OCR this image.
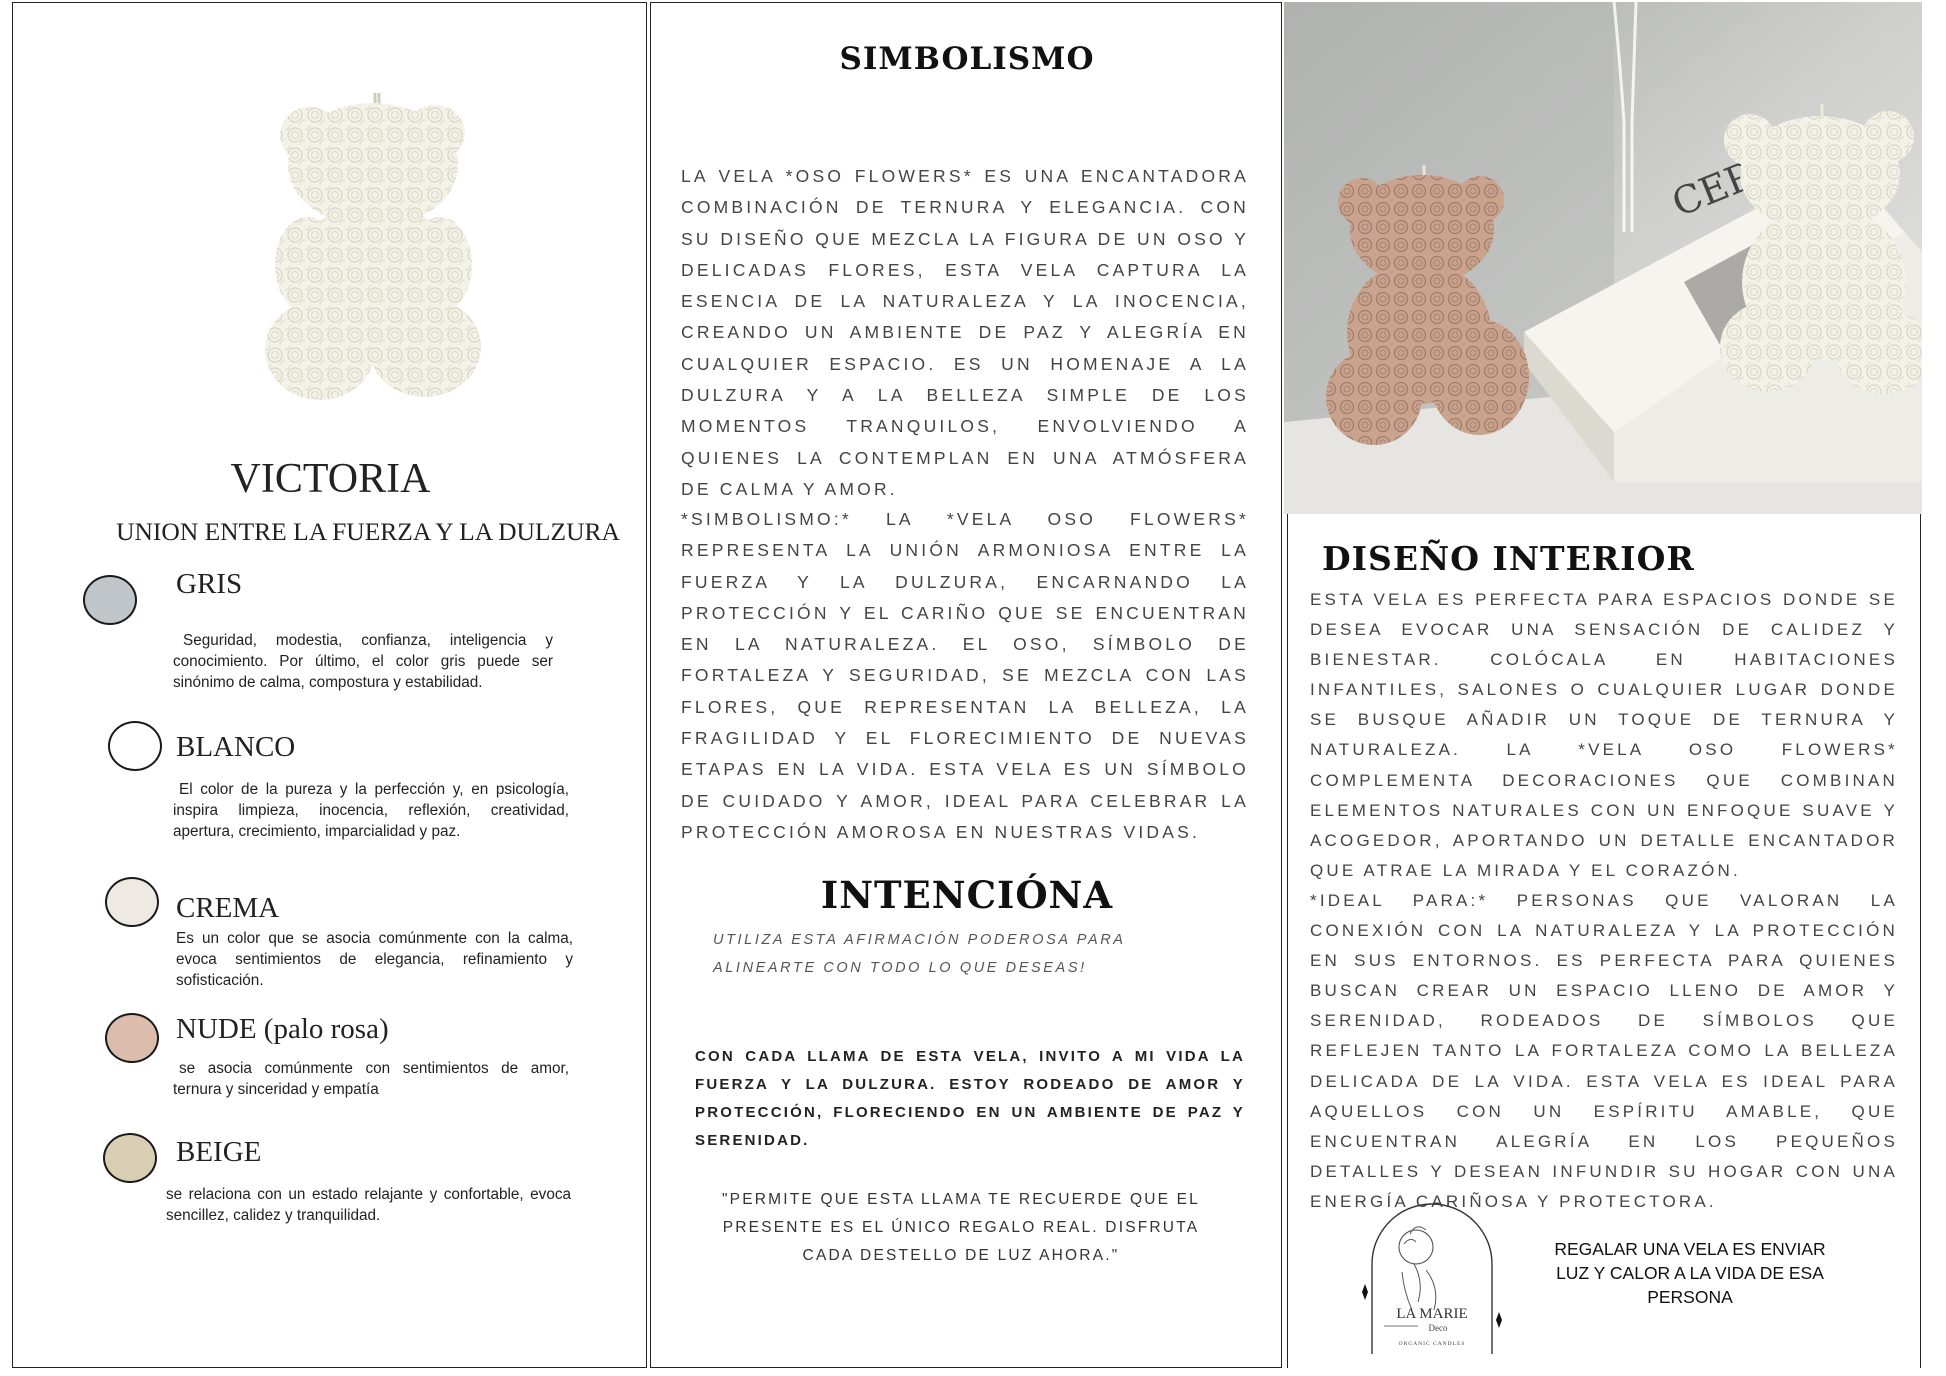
VICTORIA
UNION ENTRE LA FUERZA Y LA DULZURA
GRIS
Seguridad, modestia, confianza, inteligencia y conocimiento. Por último, el color gris puede ser sinónimo de calma, compostura y estabilidad.
BLANCO
El color de la pureza y la perfección y, en psicología, inspira limpieza, inocencia, reflexión, creatividad, apertura, crecimiento, imparcialidad y paz.
CREMA
Es un color que se asocia comúnmente con la calma, evoca sentimientos de elegancia, refinamiento y sofisticación.
NUDE (palo rosa)
se asocia comúnmente con sentimientos de amor, ternura y sinceridad y empatía
BEIGE
se relaciona con un estado relajante y confortable, evoca sencillez, calidez y tranquilidad.
SIMBOLISMO
LA VELA *OSO FLOWERS* ES UNA ENCANTADORA COMBINACIÓN DE TERNURA Y ELEGANCIA. CON SU DISEÑO QUE MEZCLA LA FIGURA DE UN OSO Y DELICADAS FLORES, ESTA VELA CAPTURA LA ESENCIA DE LA NATURALEZA Y LA INOCENCIA, CREANDO UN AMBIENTE DE PAZ Y ALEGRÍA EN CUALQUIER ESPACIO. ES UN HOMENAJE A LA DULZURA Y A LA BELLEZA SIMPLE DE LOS MOMENTOS TRANQUILOS, ENVOLVIENDO A QUIENES LA CONTEMPLAN EN UNA ATMÓSFERA DE CALMA Y AMOR.
*SIMBOLISMO:* LA *VELA OSO FLOWERS* REPRESENTA LA UNIÓN ARMONIOSA ENTRE LA FUERZA Y LA DULZURA, ENCARNANDO LA PROTECCIÓN Y EL CARIÑO QUE SE ENCUENTRAN EN LA NATURALEZA. EL OSO, SÍMBOLO DE FORTALEZA Y SEGURIDAD, SE MEZCLA CON LAS FLORES, QUE REPRESENTAN LA BELLEZA, LA FRAGILIDAD Y EL FLORECIMIENTO DE NUEVAS ETAPAS EN LA VIDA. ESTA VELA ES UN SÍMBOLO DE CUIDADO Y AMOR, IDEAL PARA CELEBRAR LA PROTECCIÓN AMOROSA EN NUESTRAS VIDAS.
INTENCIÓNA
UTILIZA ESTA AFIRMACIÓN PODEROSA PARA ALINEARTE CON TODO LO QUE DESEAS!
CON CADA LLAMA DE ESTA VELA, INVITO A MI VIDA LA FUERZA Y LA DULZURA. ESTOY RODEADO DE AMOR Y PROTECCIÓN, FLORECIENDO EN UN AMBIENTE DE PAZ Y SERENIDAD.
"PERMITE QUE ESTA LLAMA TE RECUERDE QUE EL PRESENTE ES EL ÚNICO REGALO REAL. DISFRUTA CADA DESTELLO DE LUZ AHORA."
DISEÑO INTERIOR
ESTA VELA ES PERFECTA PARA ESPACIOS DONDE SE DESEA EVOCAR UNA SENSACIÓN DE CALIDEZ Y BIENESTAR. COLÓCALA EN HABITACIONES INFANTILES, SALONES O CUALQUIER LUGAR DONDE SE BUSQUE AÑADIR UN TOQUE DE TERNURA Y NATURALEZA. LA *VELA OSO FLOWERS* COMPLEMENTA DECORACIONES QUE COMBINAN ELEMENTOS NATURALES CON UN ENFOQUE SUAVE Y ACOGEDOR, APORTANDO UN DETALLE ENCANTADOR QUE ATRAE LA MIRADA Y EL CORAZÓN.
*IDEAL PARA:* PERSONAS QUE VALORAN LA CONEXIÓN CON LA NATURALEZA Y LA PROTECCIÓN EN SUS ENTORNOS. ES PERFECTA PARA QUIENES BUSCAN CREAR UN ESPACIO LLENO DE AMOR Y SERENIDAD, RODEADOS DE SÍMBOLOS QUE REFLEJEN TANTO LA FORTALEZA COMO LA BELLEZA DELICADA DE LA VIDA. ESTA VELA ES IDEAL PARA AQUELLOS CON UN ESPÍRITU AMABLE, QUE ENCUENTRAN ALEGRÍA EN LOS PEQUEÑOS DETALLES Y DESEAN INFUNDIR SU HOGAR CON UNA ENERGÍA CARIÑOSA Y PROTECTORA.
LA MARIE
Deco
ORGANIC CANDLES
REGALAR UNA VELA ES ENVIAR LUZ Y CALOR A LA VIDA DE ESA PERSONA
